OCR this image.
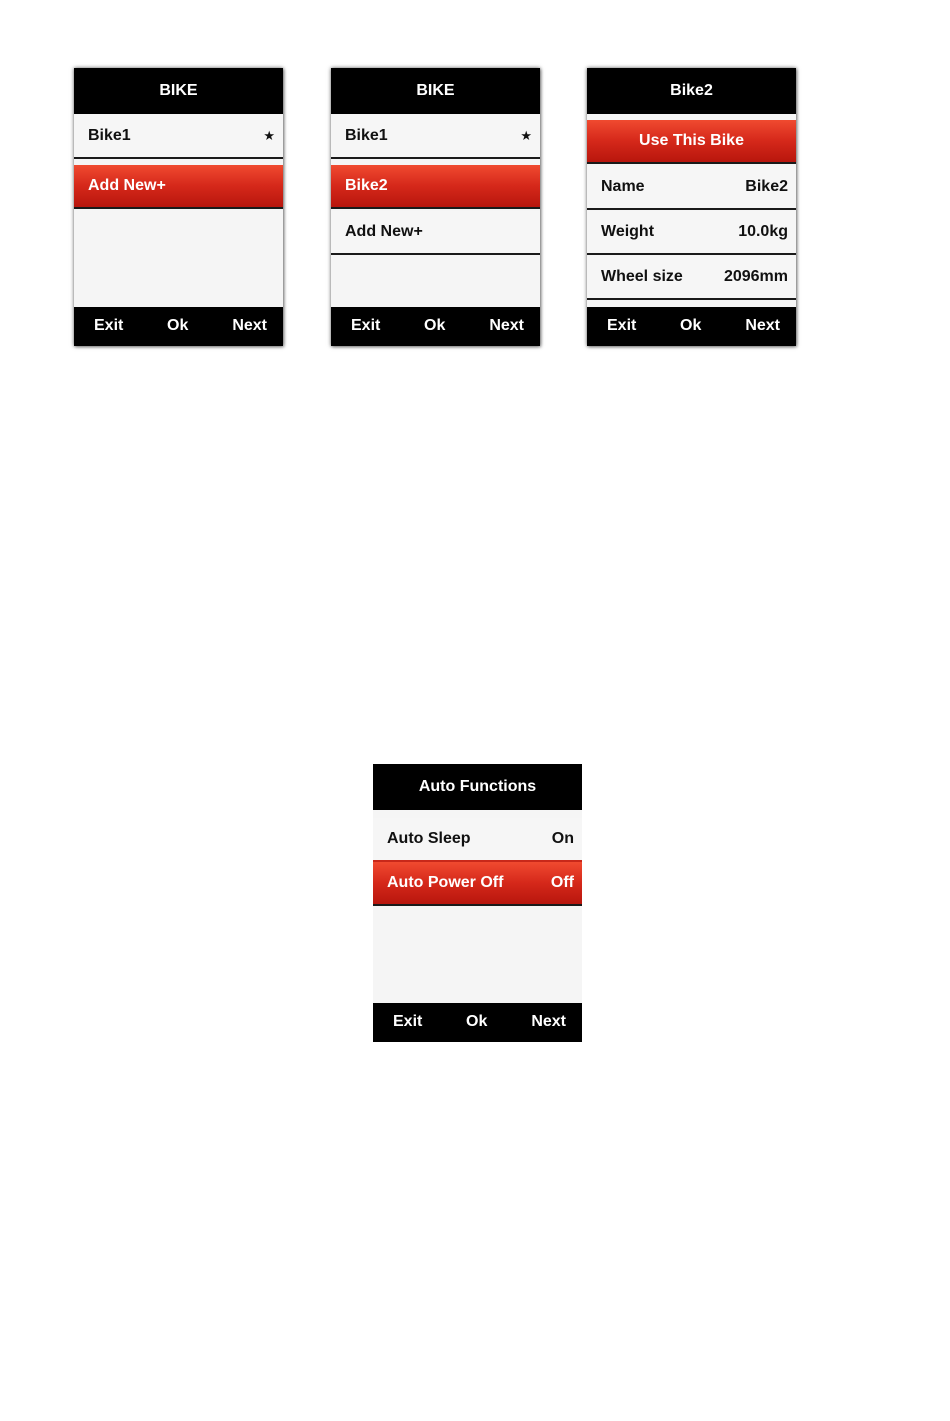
BIKE
Bike1	★
Add New+
Exit	Ok	Next
BIKE
Bike1	★
Bike2
Add New+
Exit	Ok	Next
Bike2
Use This Bike
Name	Bike2
Weight	10.0kg
Wheel size	2096mm
Exit	Ok	Next
Auto Functions
Auto Sleep	On
Auto Power Off	Off
Exit	Ok	Next
